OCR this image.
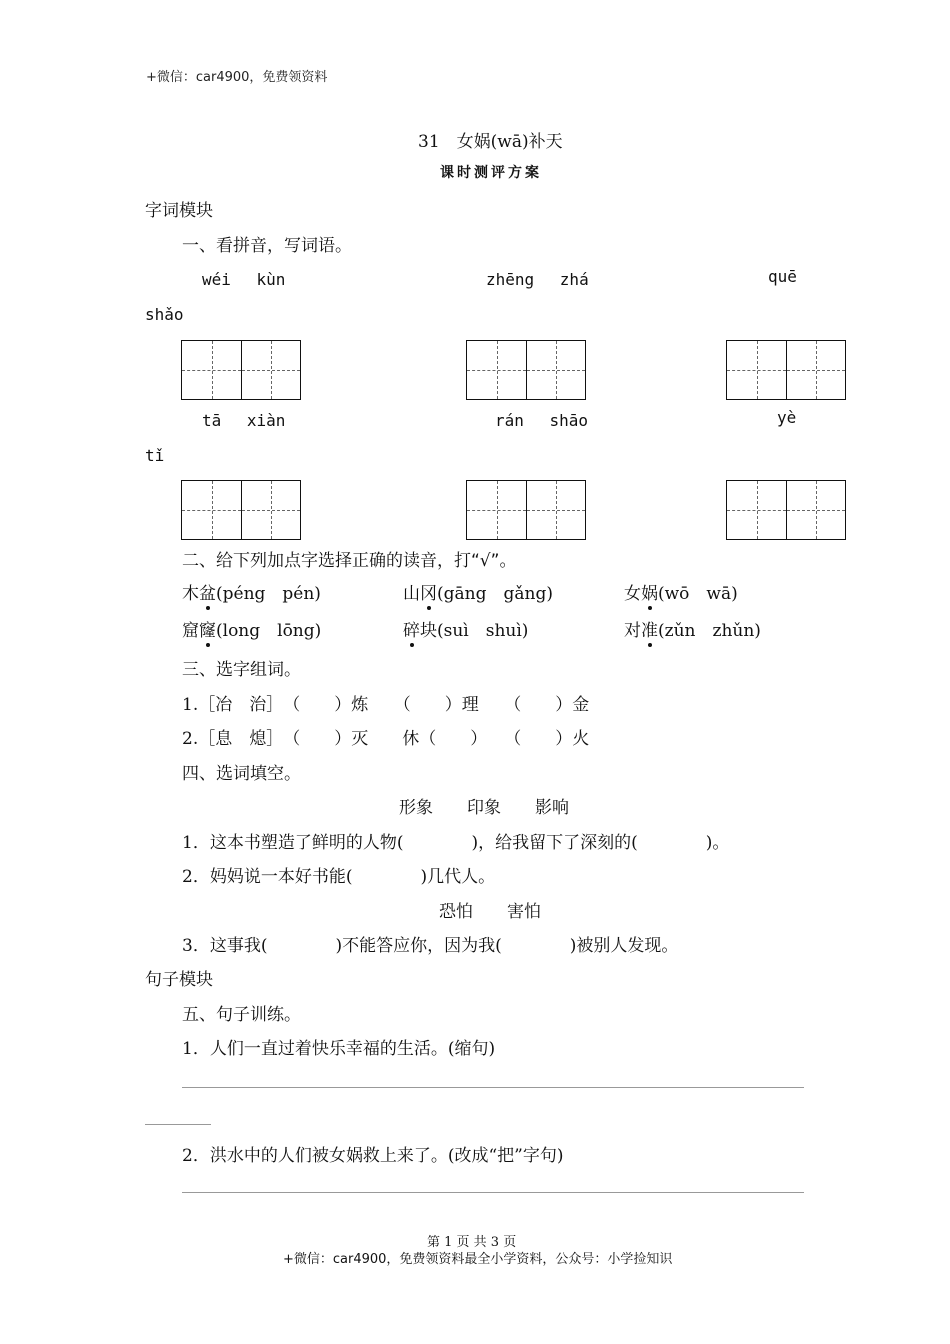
+微信：car4900，免费领资料
31　女娲(wā)补天
课时测评方案
字词模块
一、看拼音，写词语。
wéi　 kùn	zhēng　 zhá	quē
shǎo
tā　 xiàn	rán　 shāo	yè
tǐ
二、给下列加点字选择正确的读音，打“√”。
木盆(péng　pén)	山冈(gāng　gǎng)	女娲(wō　wā)
窟窿(long　lōng)	碎块(suì　shuì)	对准(zǔn　zhǔn)
三、选字组词。
1.［冶　治］　（　　）炼　　（　　）理　　（　　）金
2.［息　熄］　（　　）灭　　休（　　）　　（　　）火
四、选词填空。
形象　　印象　　影响
1．这本书塑造了鲜明的人物(　　　　)，给我留下了深刻的(　　　　)。
2．妈妈说一本好书能(　　　　)几代人。
恐怕　　害怕
3．这事我(　　　　)不能答应你，因为我(　　　　)被别人发现。
句子模块
五、句子训练。
1．人们一直过着快乐幸福的生活。(缩句)
2．洪水中的人们被女娲救上来了。(改成“把”字句)
第 1 页 共 3 页
+微信：car4900，免费领资料最全小学资料，公众号：小学捡知识
